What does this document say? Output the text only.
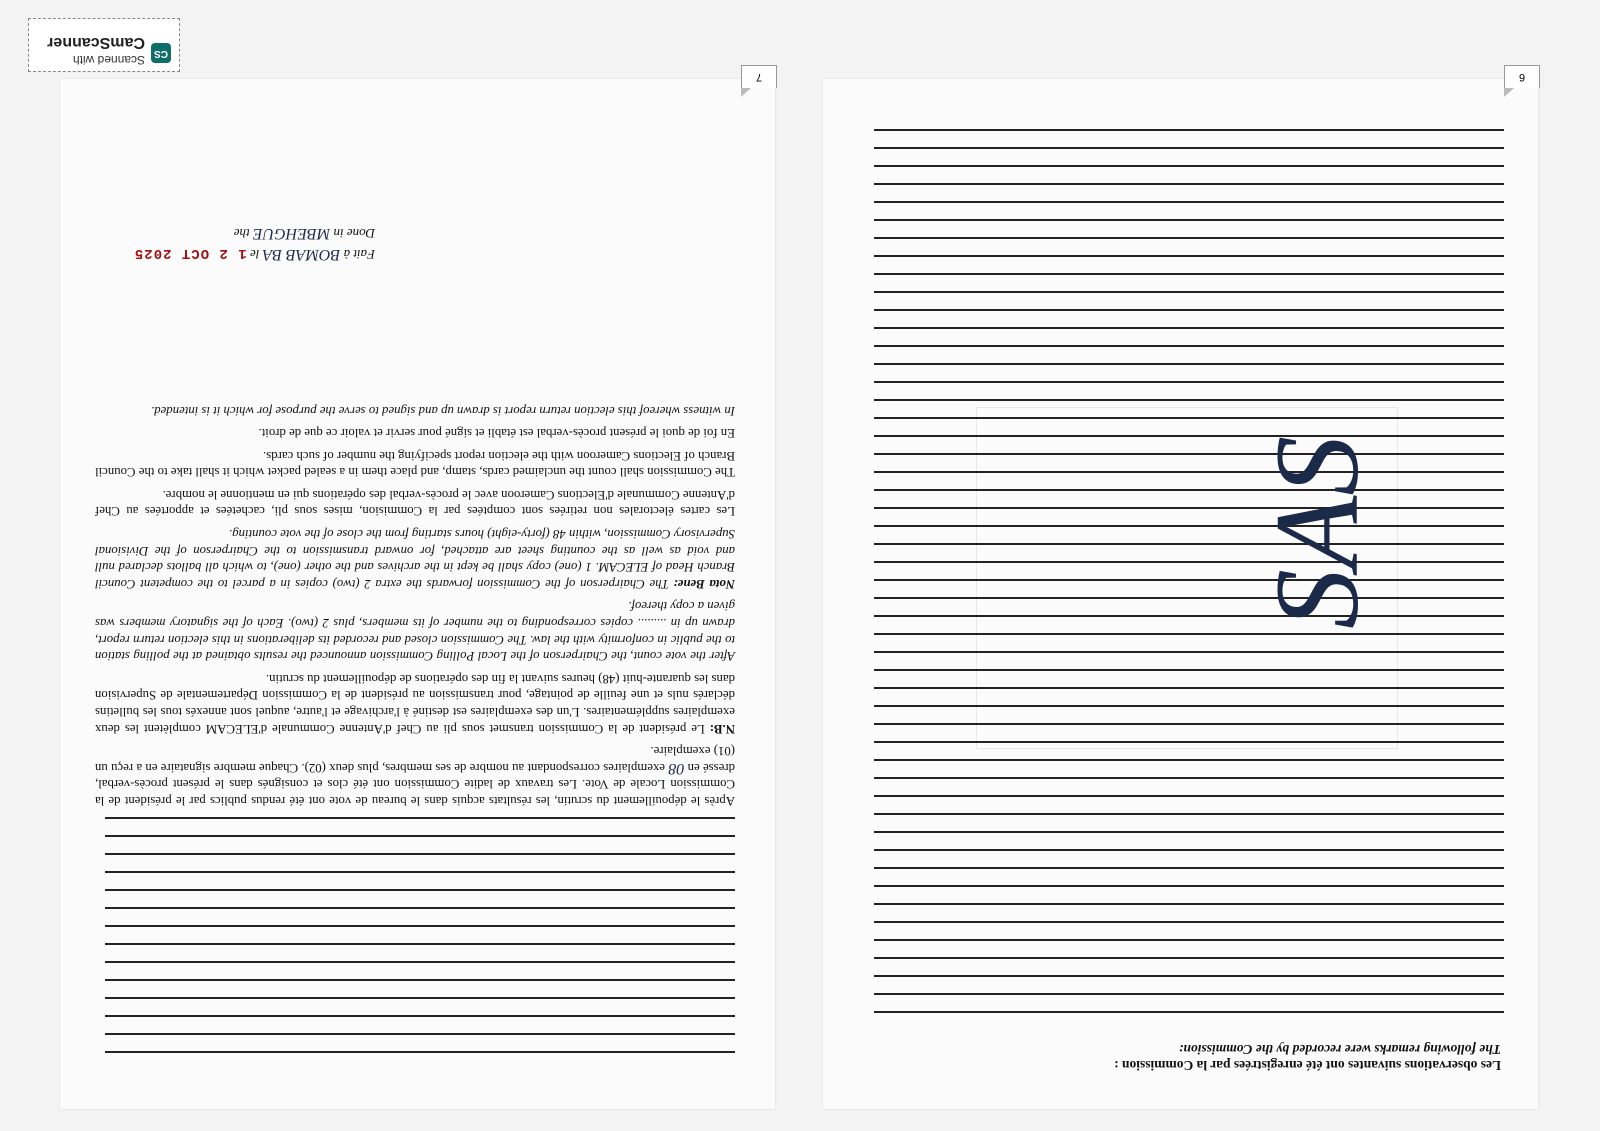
7	6
Les observations suivantes ont été enregistrées par la Commission :
The following remarks were recorded by the Commission:
SAS

Après le dépouillement du scrutin, les résultats acquis dans le bureau de vote ont été rendus publics par le président de la Commission Locale de Vote. Les travaux de ladite Commission ont été clos et consignés dans le présent procès-verbal, dressé en 08 exemplaires correspondant au nombre de ses membres, plus deux (02). Chaque membre signataire en a reçu un (01) exemplaire.

N.B: Le président de la Commission transmet sous pli au Chef d'Antenne Communale d'ELECAM complètent les deux exemplaires supplémentaires. L'un des exemplaires est destiné à l'archivage et l'autre, auquel sont annexés tous les bulletins déclarés nuls et une feuille de pointage, pour transmission au président de la Commission Départementale de Supervision dans les quarante-huit (48) heures suivant la fin des opérations de dépouillement du scrutin.

After the vote count, the Chairperson of the Local Polling Commission announced the results obtained at the polling station to the public in conformity with the law. The Commission closed and recorded its deliberations in this election return report, drawn up in ......... copies corresponding to the number of its members, plus 2 (two). Each of the signatory members was given a copy thereof.

Nota Bene: The Chairperson of the Commission forwards the extra 2 (two) copies in a parcel to the competent Council Branch Head of ELECAM. 1 (one) copy shall be kept in the archives and the other (one), to which all ballots declared null and void as well as the counting sheet are attached, for onward transmission to the Chairperson of the Divisional Supervisory Commission, within 48 (forty-eight) hours starting from the close of the vote counting.

Les cartes électorales non retirées sont comptées par la Commision, mises sous pli, cachetées et apportées au Chef d'Antenne Communale d'Elections Cameroon avec le procès-verbal des opérations qui en mentionne le nombre.

The Commission shall count the unclaimed cards, stamp, and place them in a sealed packet which it shall take to the Council Branch of Elections Cameroon with the election report specifying the number of such cards.

En foi de quoi le présent procès-verbal est établi et signé pour servir et valoir ce que de droit.

In witness whereof this election return report is drawn up and signed to serve the purpose for which it is intended.

Fait à BOMAB BA le 1 2 OCT 2025
Done in MBEHGUE the
CS
Scanned with
CamScanner
